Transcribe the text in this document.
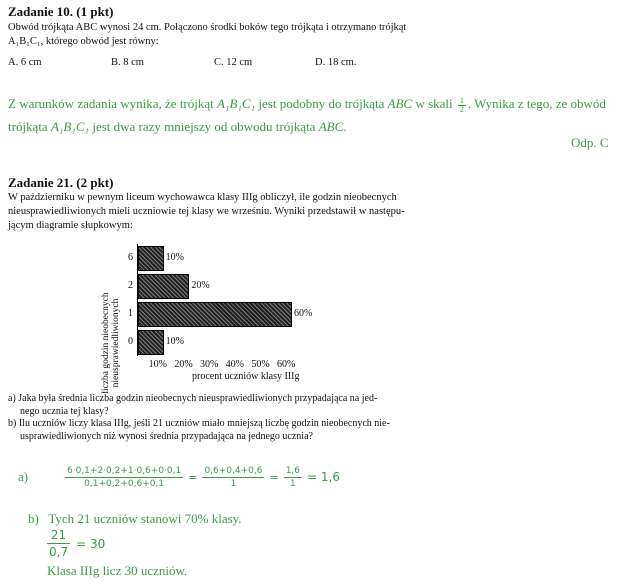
Zadanie 10. (1 pkt)
Obwód trójkąta ABC wynosi 24 cm. Połączono środki boków tego trójkąta i otrzymano trójkąt
A₁B₁C₁, którego obwód jest równy:
A. 6 cm	B. 8 cm	C. 12 cm	D. 18 cm.
Z warunków zadania wynika, że trójkąt A₁B₁C₁ jest podobny do trójkąta ABC w skali $\frac{1}{2}$ . Wynika z tego, ze obwód
trójkąta A₁B₁C₁ jest dwa razy mniejszy od obwodu trójkąta ABC.
Odp. C
Zadanie 21. (2 pkt)
W październiku w pewnym liceum wychowawca klasy IIIg obliczył, ile godzin nieobecnych
nieusprawiedliwionych mieli uczniowie tej klasy we wrześniu. Wyniki przedstawił w następu-
jącym diagramie słupkowym:
liczba godzin nieobecnych nieusprawiedliwionych
10%
6
20%
2
60%
1
10%
0
10% 20% 30% 40% 50% 60%
procent uczniów klasy IIIg
a) Jaka była średnia liczba godzin nieobecnych nieusprawiedliwionych przypadająca na jed-
nego ucznia tej klasy?
b) Ilu uczniów liczy klasa IIIg, jeśli 21 uczniów miało mniejszą liczbę godzin nieobecnych nie-
usprawiedliwionych niż wynosi średnia przypadająca na jednego ucznia?
a)	$\frac{6\cdot 0,1+2\cdot 0,2+1\cdot 0,6+0\cdot 0,1}{0,1+0,2+0,6+0,1} = \frac{0,6+0,4+0,6}{1} = \frac{1,6}{1} = 1,6$
b)   Tych 21 uczniów stanowi 70% klasy.
$\frac{21}{0,7} = 30$
Klasa IIIg licz 30 uczniów.
